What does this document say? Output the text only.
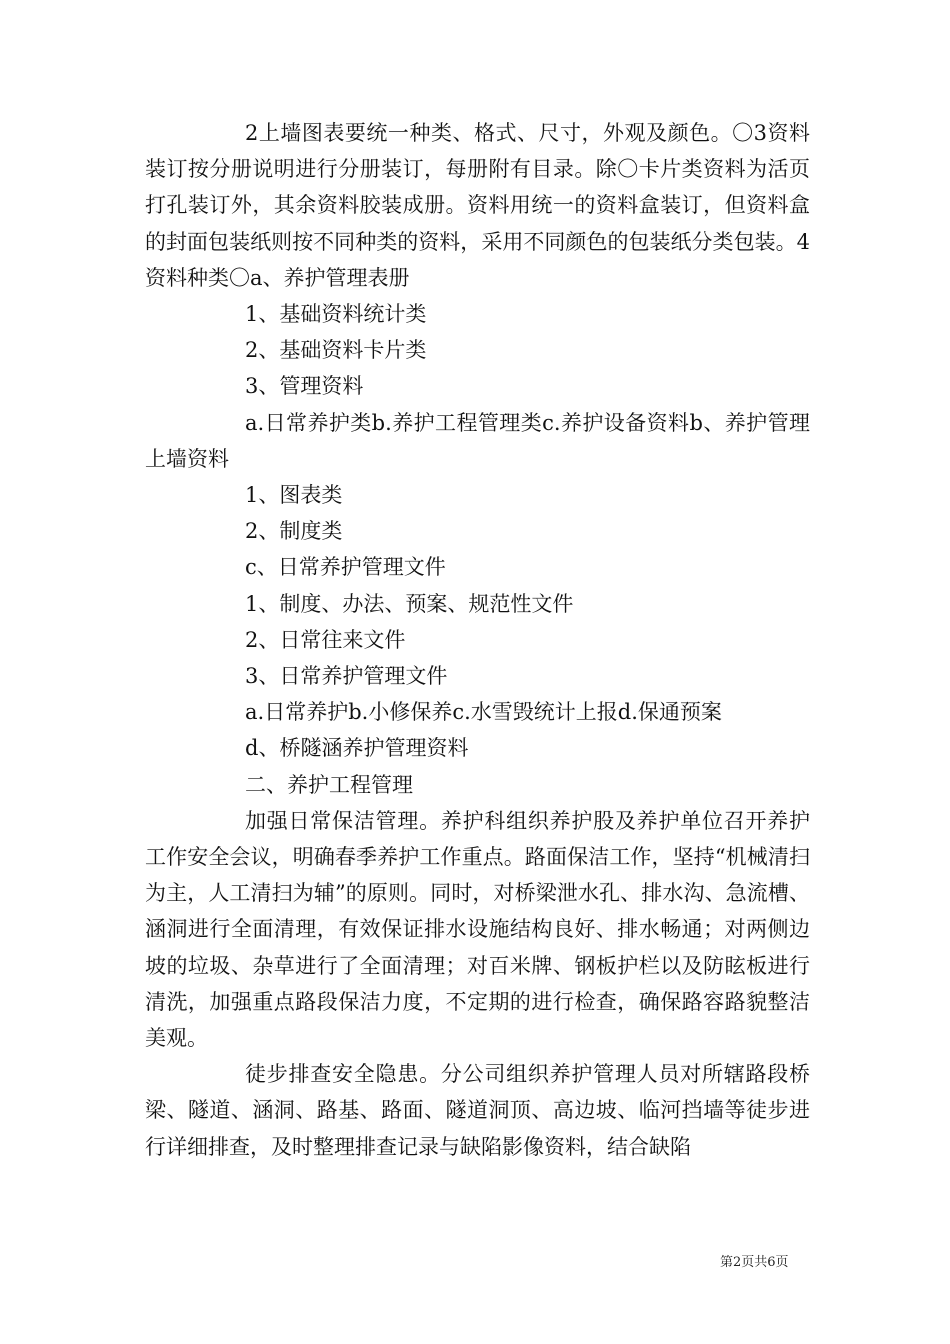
2上墙图表要统一种类、格式、尺寸，外观及颜色。〇3资料装订按分册说明进行分册装订，每册附有目录。除〇卡片类资料为活页打孔装订外，其余资料胶装成册。资料用统一的资料盒装订，但资料盒的封面包装纸则按不同种类的资料，采用不同颜色的包装纸分类包装。4资料种类〇a、养护管理表册

1、基础资料统计类

2、基础资料卡片类

3、管理资料

a.日常养护类b.养护工程管理类c.养护设备资料b、养护管理上墙资料

1、图表类

2、制度类

c、日常养护管理文件

1、制度、办法、预案、规范性文件

2、日常往来文件

3、日常养护管理文件

a.日常养护b.小修保养c.水雪毁统计上报d.保通预案

d、桥隧涵养护管理资料

二、养护工程管理

加强日常保洁管理。养护科组织养护股及养护单位召开养护工作安全会议，明确春季养护工作重点。路面保洁工作，坚持“机械清扫为主，人工清扫为辅”的原则。同时，对桥梁泄水孔、排水沟、急流槽、涵洞进行全面清理，有效保证排水设施结构良好、排水畅通；对两侧边坡的垃圾、杂草进行了全面清理；对百米牌、钢板护栏以及防眩板进行清洗，加强重点路段保洁力度，不定期的进行检查，确保路容路貌整洁美观。

徒步排查安全隐患。分公司组织养护管理人员对所辖路段桥梁、隧道、涵洞、路基、路面、隧道洞顶、高边坡、临河挡墙等徒步进行详细排查，及时整理排查记录与缺陷影像资料，结合缺陷

第2页共6页
